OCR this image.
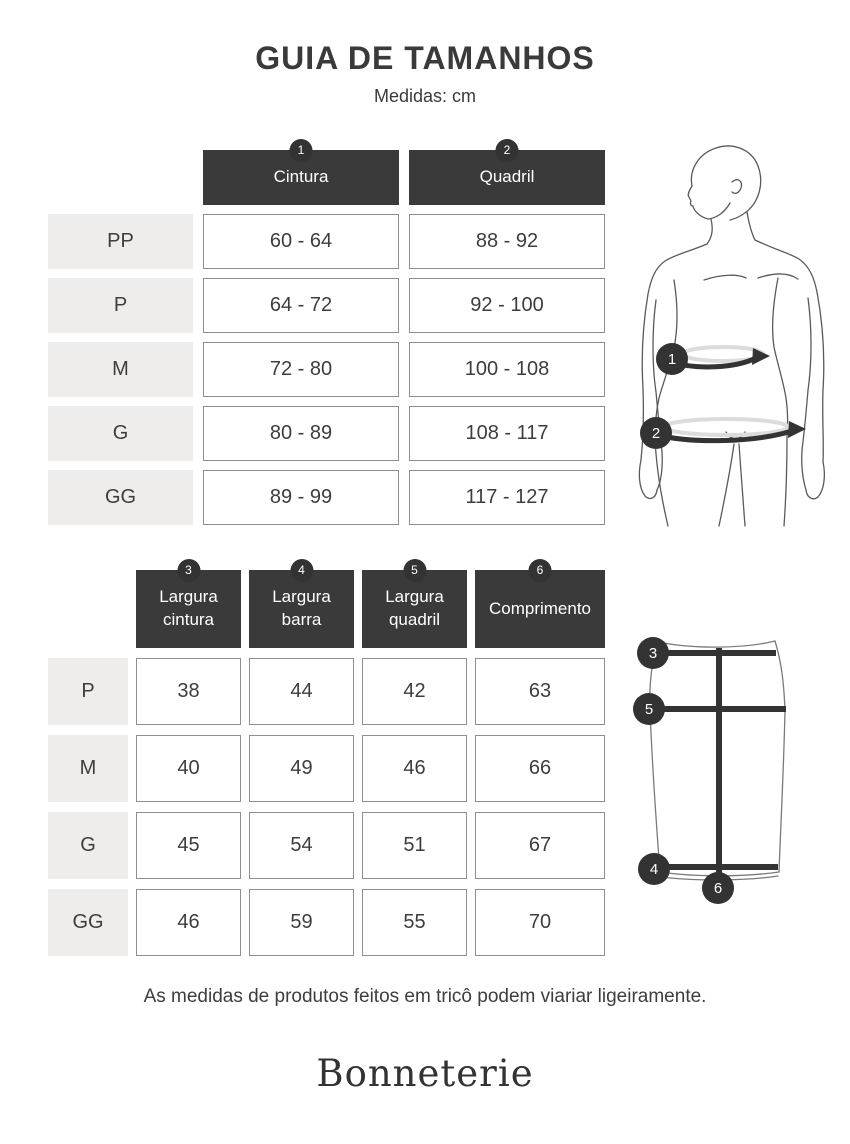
GUIA DE TAMANHOS
Medidas: cm
1
Cintura
2
Quadril
PP	60 - 64	88 - 92
P	64 - 72	92 - 100
M	72 - 80	100 - 108
G	80 - 89	108 - 117
GG	89 - 99	117 - 127
1
2
3
Largura cintura
4
Largura barra
5
Largura quadril
6
Comprimento
P	38	44	42	63
M	40	49	46	66
G	45	54	51	67
GG	46	59	55	70
3
5
4
6
As medidas de produtos feitos em tricô podem viariar ligeiramente.
Bonneterie
